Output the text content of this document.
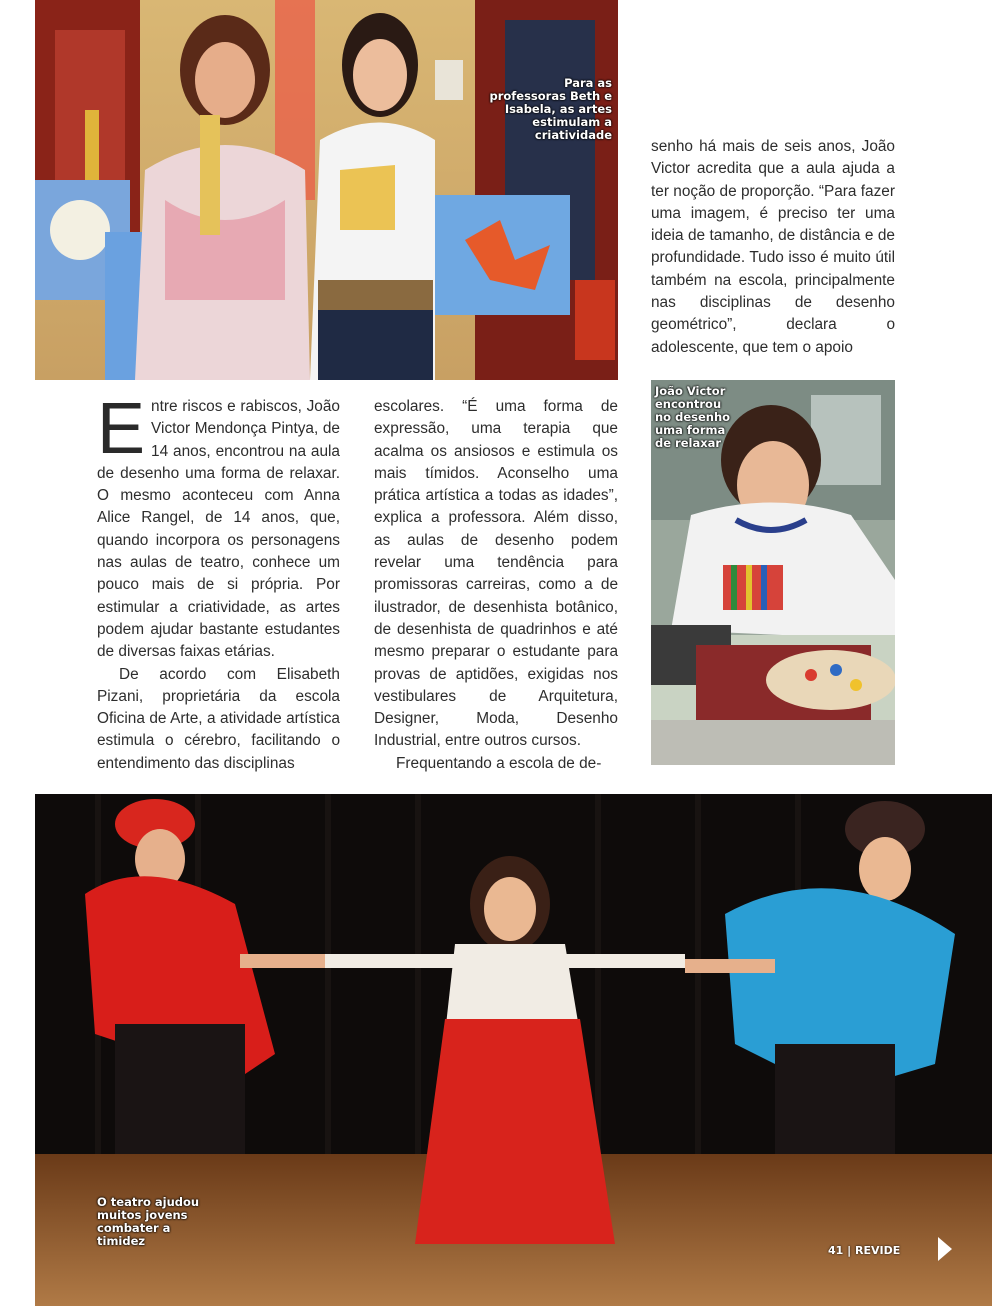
Para as professoras Beth e Isabela, as artes estimulam a criatividade
João Victor encontrou no desenho uma forma de relaxar
O teatro ajudou muitos jovens combater a timidez

Entre riscos e rabiscos, João Victor Mendonça Pintya, de 14 anos, encontrou na aula de desenho uma forma de relaxar. O mesmo aconteceu com Anna Alice Rangel, de 14 anos, que, quando incorpora os personagens nas aulas de teatro, conhece um pouco mais de si própria. Por estimular a criatividade, as artes podem ajudar bastante estudantes de diversas faixas etárias.

De acordo com Elisabeth Pizani, proprietária da escola Oficina de Arte, a atividade artística estimula o cérebro, facilitando o entendimento das disciplinas

escolares. “É uma forma de expressão, uma terapia que acalma os ansiosos e estimula os mais tímidos. Aconselho uma prática artística a todas as idades”, explica a professora. Além disso, as aulas de desenho podem revelar uma tendência para promissoras carreiras, como a de ilustrador, de desenhista botânico, de desenhista de quadrinhos e até mesmo preparar o estudante para provas de aptidões, exigidas nos vestibulares de Arquitetura, Designer, Moda, Desenho Industrial, entre outros cursos.

Frequentando a escola de de-

senho há mais de seis anos, João Victor acredita que a aula ajuda a ter noção de proporção. “Para fazer uma imagem, é preciso ter uma ideia de tamanho, de distância e de profundidade. Tudo isso é muito útil também na escola, principalmente nas disciplinas de desenho geométrico”, declara o adolescente, que tem o apoio

41 | REVIDE
